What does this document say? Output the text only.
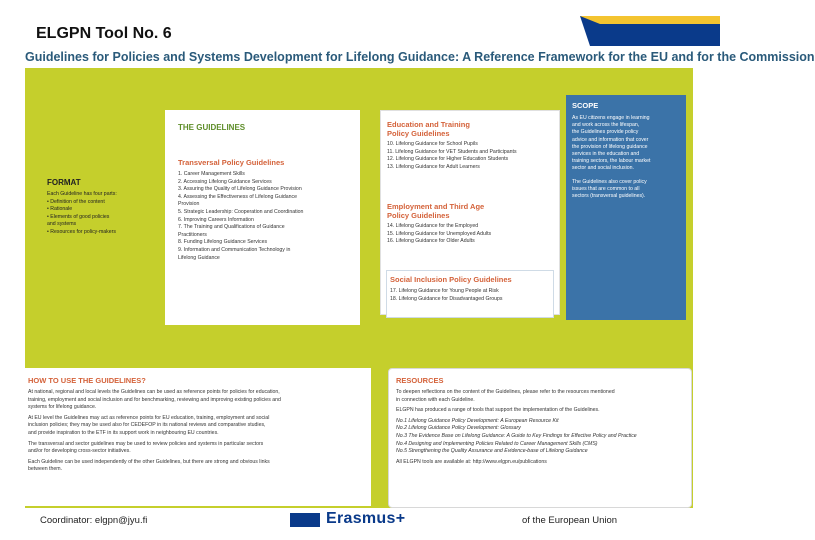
ELGPN Tool No. 6
Guidelines for Policies and Systems Development for Lifelong Guidance: A Reference Framework for the EU and for the Commission
FORMAT
Each Guideline has four parts:
• Definition of the content
• Rationale
• Elements of good policies
and systems
• Resources for policy-makers
THE GUIDELINES
Transversal Policy Guidelines
1. Career Management Skills
2. Accessing Lifelong Guidance Services
3. Assuring the Quality of Lifelong Guidance Provision
4. Assessing the Effectiveness of Lifelong Guidance
Provision
5. Strategic Leadership: Cooperation and Coordination
6. Improving Careers Information
7. The Training and Qualifications of Guidance
Practitioners
8. Funding Lifelong Guidance Services
9. Information and Communication Technology in
Lifelong Guidance
Education and Training
Policy Guidelines
10. Lifelong Guidance for School Pupils
11. Lifelong Guidance for VET Students and Participants
12. Lifelong Guidance for Higher Education Students
13. Lifelong Guidance for Adult Learners
Employment and Third Age
Policy Guidelines
14. Lifelong Guidance for the Employed
15. Lifelong Guidance for Unemployed Adults
16. Lifelong Guidance for Older Adults
Social Inclusion Policy Guidelines
17. Lifelong Guidance for Young People at Risk
18. Lifelong Guidance for Disadvantaged Groups
SCOPE
As EU citizens engage in learning
and work across the lifespan,
the Guidelines provide policy
advice and information that cover
the provision of lifelong guidance
services in the education and
training sectors, the labour market
sector and social inclusion.
The Guidelines also cover policy
issues that are common to all
sectors (transversal guidelines).
HOW TO USE THE GUIDELINES?
At national, regional and local levels the Guidelines can be used as reference points for policies for education,
training, employment and social inclusion and for benchmarking, reviewing and improving existing policies and
systems for lifelong guidance.
At EU level the Guidelines may act as reference points for EU education, training, employment and social
inclusion policies; they may be used also for CEDEFOP in its national reviews and comparative studies,
and provide inspiration to the ETF in its support work in neighbouring EU countries.
The transversal and sector guidelines may be used to review policies and systems in particular sectors
and/or for developing cross-sector initiatives.
Each Guideline can be used independently of the other Guidelines, but there are strong and obvious links
between them.
RESOURCES
To deepen reflections on the content of the Guidelines, please refer to the resources mentioned
in connection with each Guideline.
ELGPN has produced a range of tools that support the implementation of the Guidelines.
No.1 Lifelong Guidance Policy Development: A European Resource Kit
No.2 Lifelong Guidance Policy Development: Glossary
No.3 The Evidence Base on Lifelong Guidance: A Guide to Key Findings for Effective Policy and Practice
No.4 Designing and Implementing Policies Related to Career Management Skills (CMS)
No.5 Strengthening the Quality Assurance and Evidence-base of Lifelong Guidance
All ELGPN tools are available at: http://www.elgpn.eu/publications
Coordinator: elgpn@jyu.fi	Erasmus+	of the European Union
